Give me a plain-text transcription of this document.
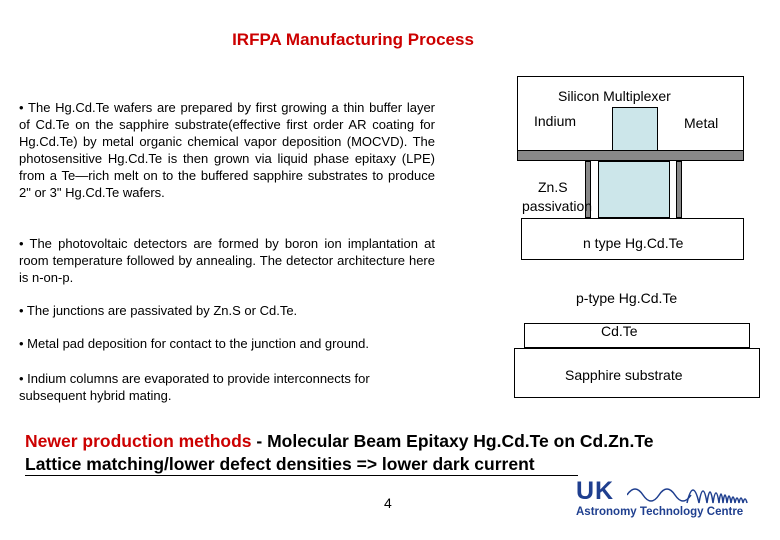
IRFPA Manufacturing Process
• The Hg.Cd.Te wafers are prepared by first growing a thin buffer layer of Cd.Te on the sapphire substrate(effective first order AR coating for Hg.Cd.Te) by metal organic chemical vapor deposition (MOCVD). The photosensitive Hg.Cd.Te is then grown via liquid phase epitaxy (LPE) from a Te—rich melt on to the buffered sapphire substrates to produce 2" or 3" Hg.Cd.Te wafers.
• The photovoltaic detectors are formed by boron ion implantation at room temperature followed by annealing. The detector architecture here is n-on-p.
• The junctions are passivated by Zn.S or Cd.Te.
• Metal pad deposition for contact to the junction and ground.
• Indium columns are evaporated to provide interconnects for subsequent hybrid mating.
Silicon Multiplexer
Indium	Metal
Zn.S
passivation
n type Hg.Cd.Te
p-type Hg.Cd.Te
Cd.Te
Sapphire substrate
Newer production methods - Molecular Beam Epitaxy Hg.Cd.Te on Cd.Zn.Te
Lattice matching/lower defect densities => lower dark current
4	UK
Astronomy Technology Centre
